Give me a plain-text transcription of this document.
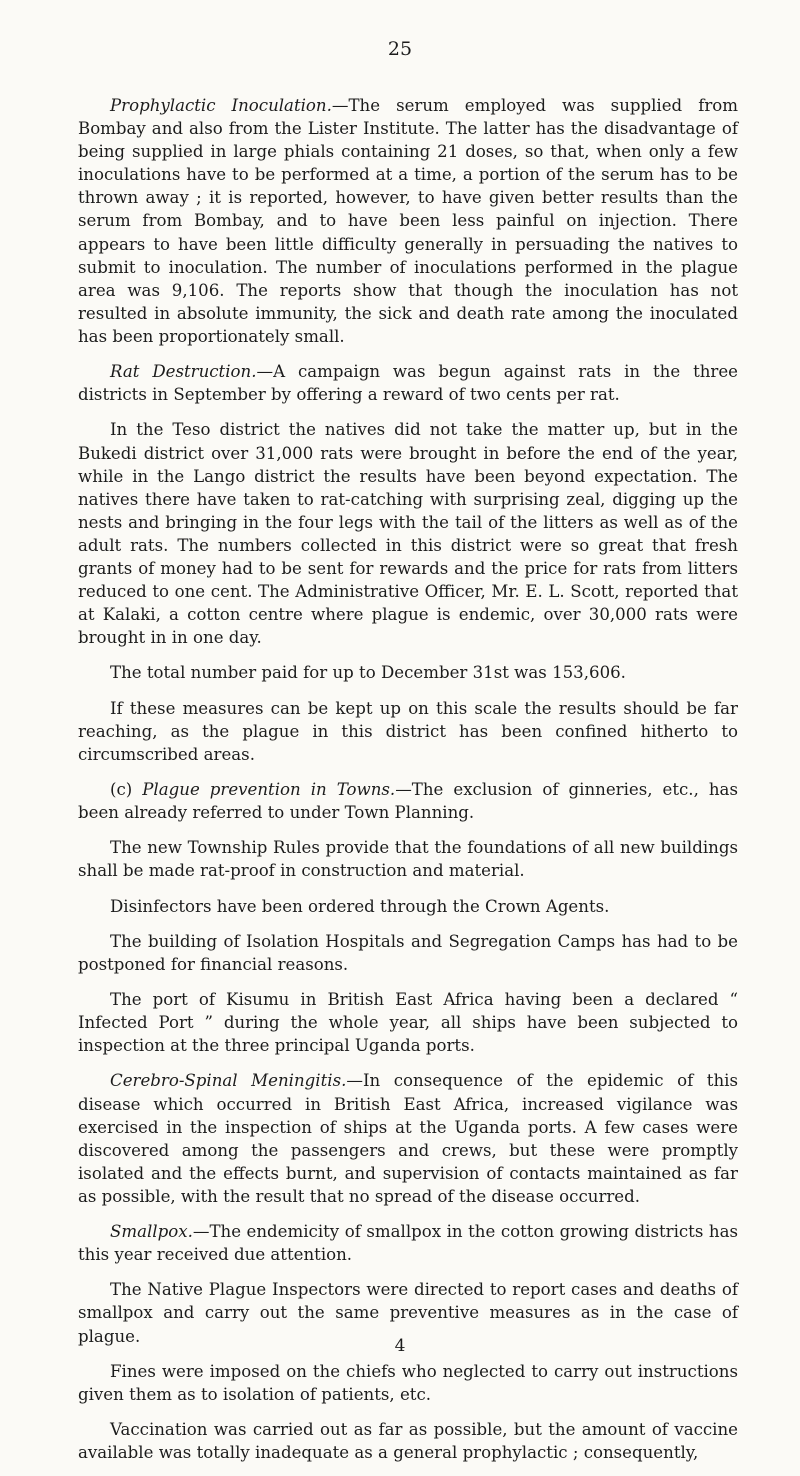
25

Prophylactic Inoculation.—The serum employed was supplied from Bombay and also from the Lister Institute. The latter has the disadvantage of being supplied in large phials containing 21 doses, so that, when only a few inoculations have to be performed at a time, a portion of the serum has to be thrown away ; it is reported, however, to have given better results than the serum from Bombay, and to have been less painful on injection. There appears to have been little difficulty generally in persuading the natives to submit to inoculation. The number of inoculations performed in the plague area was 9,106. The reports show that though the inoculation has not resulted in absolute immunity, the sick and death rate among the inoculated has been proportionately small.

Rat Destruction.—A campaign was begun against rats in the three districts in September by offering a reward of two cents per rat.

In the Teso district the natives did not take the matter up, but in the Bukedi district over 31,000 rats were brought in before the end of the year, while in the Lango district the results have been beyond expectation. The natives there have taken to rat-catching with surprising zeal, digging up the nests and bringing in the four legs with the tail of the litters as well as of the adult rats. The numbers collected in this district were so great that fresh grants of money had to be sent for rewards and the price for rats from litters reduced to one cent. The Administrative Officer, Mr. E. L. Scott, reported that at Kalaki, a cotton centre where plague is endemic, over 30,000 rats were brought in in one day.

The total number paid for up to December 31st was 153,606.

If these measures can be kept up on this scale the results should be far reaching, as the plague in this district has been confined hitherto to circumscribed areas.

(c) Plague prevention in Towns.—The exclusion of ginneries, etc., has been already referred to under Town Planning.

The new Township Rules provide that the foundations of all new buildings shall be made rat-proof in construction and material.

Disinfectors have been ordered through the Crown Agents.

The building of Isolation Hospitals and Segregation Camps has had to be postponed for financial reasons.

The port of Kisumu in British East Africa having been a declared “ Infected Port ” during the whole year, all ships have been subjected to inspection at the three principal Uganda ports.

Cerebro-Spinal Meningitis.—In consequence of the epidemic of this disease which occurred in British East Africa, increased vigilance was exercised in the inspection of ships at the Uganda ports. A few cases were discovered among the passengers and crews, but these were promptly isolated and the effects burnt, and supervision of contacts maintained as far as possible, with the result that no spread of the disease occurred.

Smallpox.—The endemicity of smallpox in the cotton growing districts has this year received due attention.

The Native Plague Inspectors were directed to report cases and deaths of smallpox and carry out the same preventive measures as in the case of plague.

Fines were imposed on the chiefs who neglected to carry out instructions given them as to isolation of patients, etc.

Vaccination was carried out as far as possible, but the amount of vaccine available was totally inadequate as a general prophylactic ; consequently,

4
